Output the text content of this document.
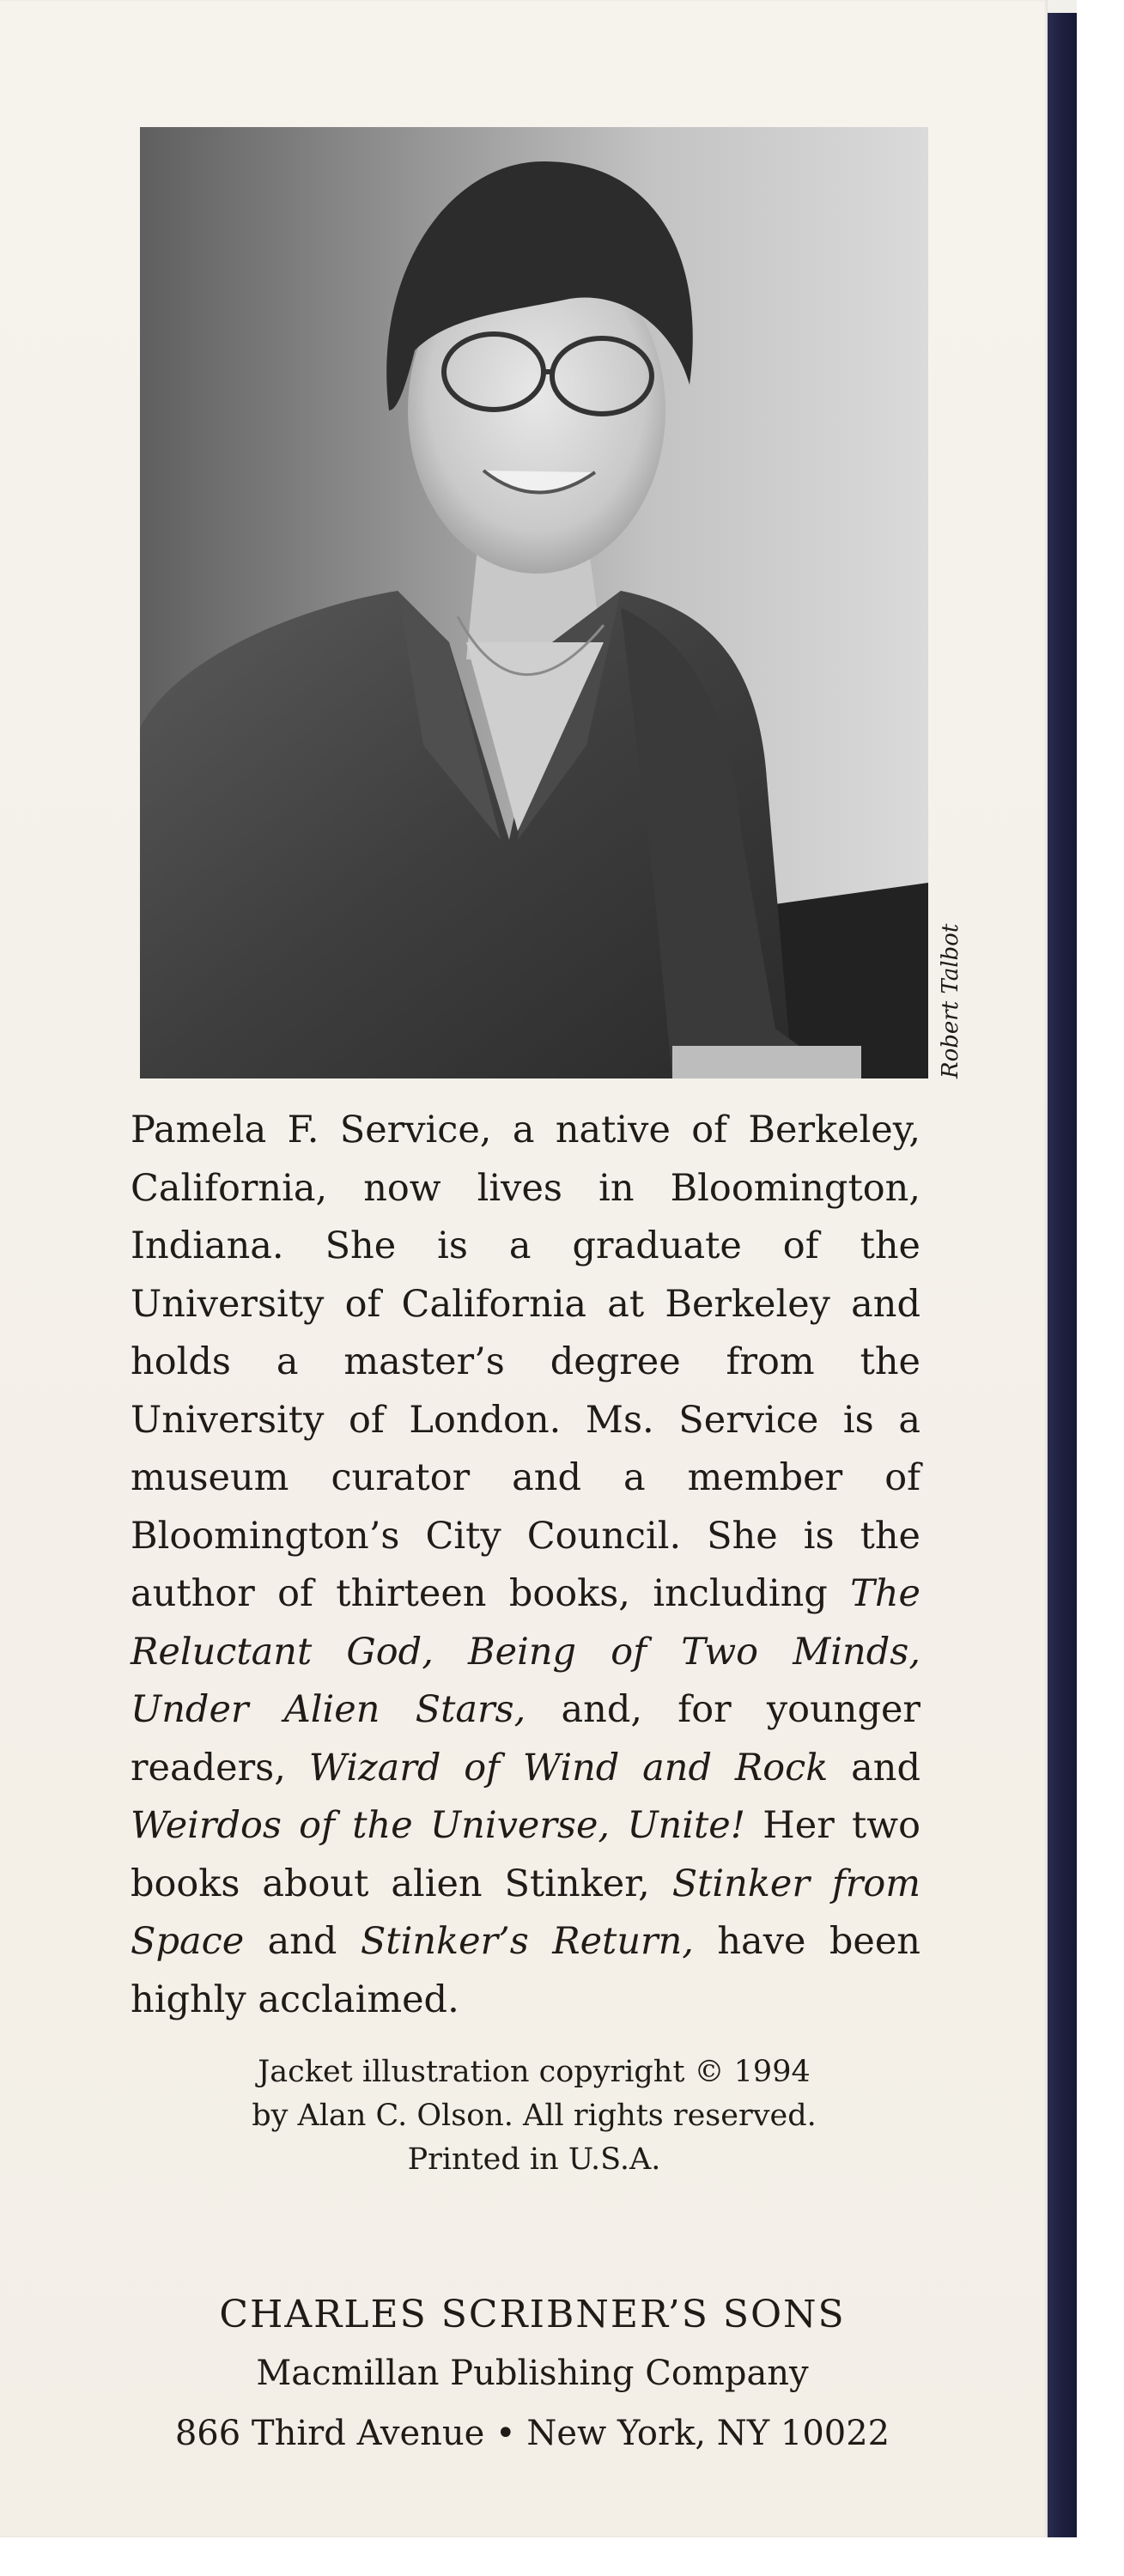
Robert Talbot
Pamela F. Service, a native of Berkeley, California, now lives in Bloomington, Indiana. She is a graduate of the University of California at Berkeley and holds a master’s degree from the University of London. Ms. Service is a museum curator and a member of Bloomington’s City Council. She is the author of thirteen books, including The Reluctant God, Being of Two Minds, Under Alien Stars, and, for younger readers, Wizard of Wind and Rock and Weirdos of the Universe, Unite! Her two books about alien Stinker, Stinker from Space and Stinker’s Return, have been highly acclaimed.
Jacket illustration copyright © 1994
by Alan C. Olson. All rights reserved.
Printed in U.S.A.
CHARLES SCRIBNER’S SONS
Macmillan Publishing Company
866 Third Avenue • New York, NY 10022
